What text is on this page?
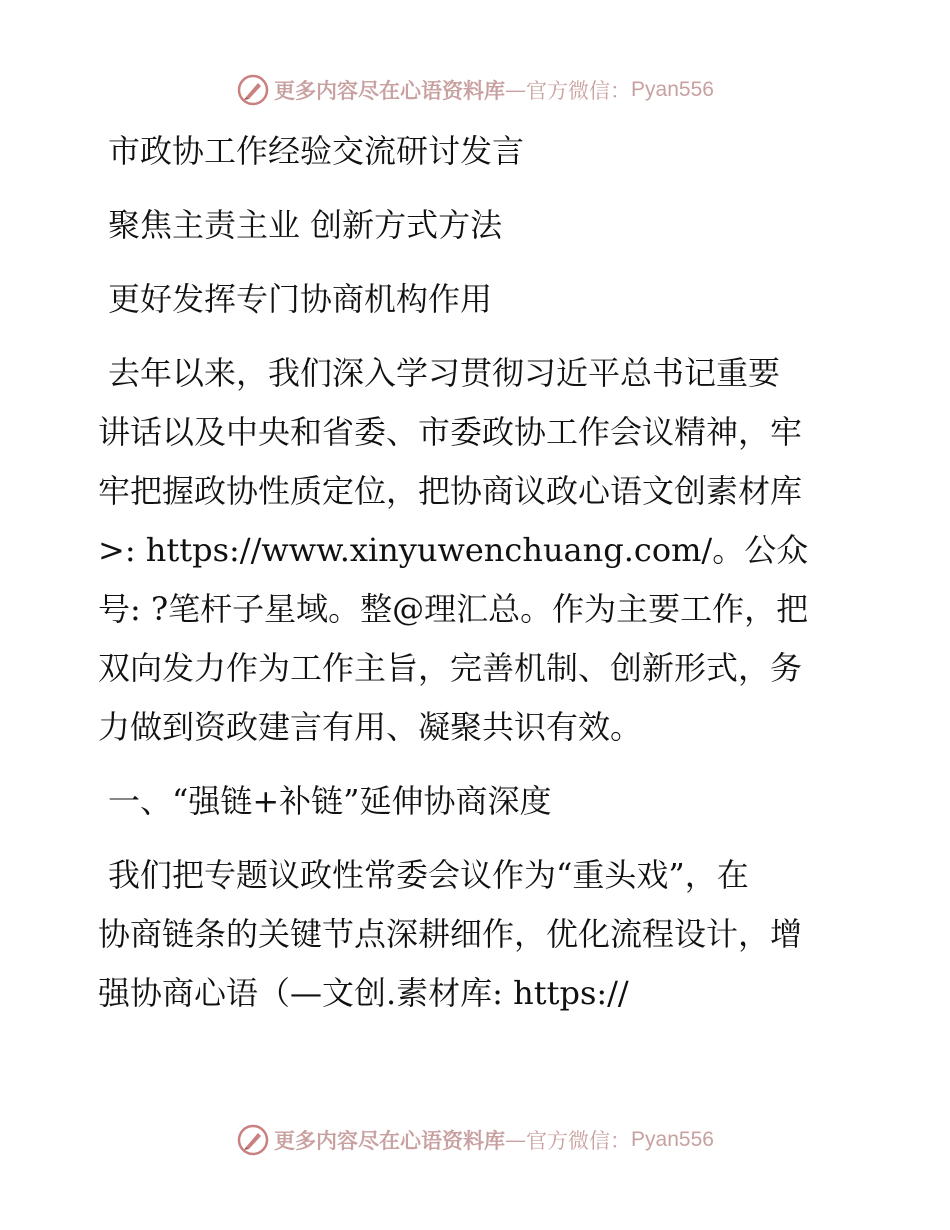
更多内容尽在心语资料库 — 官方微信： Pyan556
市政协工作经验交流研讨发言
聚焦主责主业 创新方式方法
更好发挥专门协商机构作用
去年以来，我们深入学习贯彻习近平总书记重要
讲话以及中央和省委、市委政协工作会议精神，牢
牢把握政协性质定位，把协商议政心语文创素材库
>: https://www.xinyuwenchuang.com/。公众
号: ?笔杆子星域。整@理汇总。作为主要工作，把
双向发力作为工作主旨，完善机制、创新形式，务
力做到资政建言有用、凝聚共识有效。
一、“强链+补链”延伸协商深度
我们把专题议政性常委会议作为“重头戏”，在
协商链条的关键节点深耕细作，优化流程设计，增
强协商心语（—文创.素材库: https://
更多内容尽在心语资料库 — 官方微信： Pyan556
